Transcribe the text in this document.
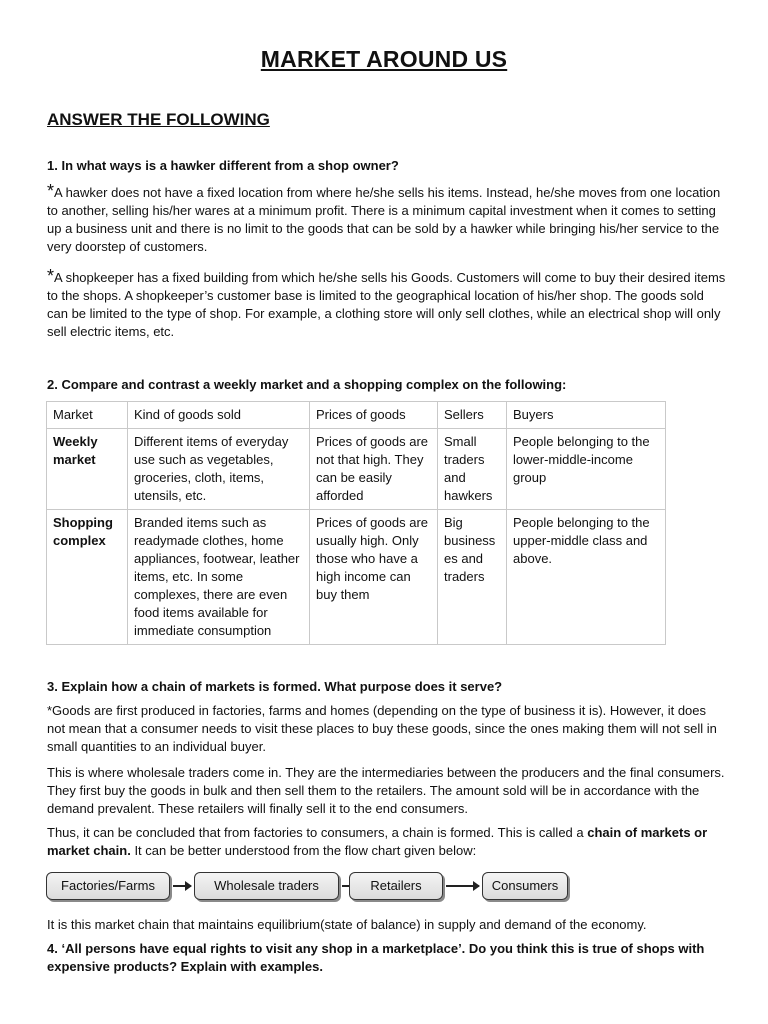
MARKET AROUND US
ANSWER THE FOLLOWING
1. In what ways is a hawker different from a shop owner?
*A hawker does not have a fixed location from where he/she sells his items. Instead, he/she moves from one location to another, selling his/her wares at a minimum profit. There is a minimum capital investment when it comes to setting up a business unit and there is no limit to the goods that can be sold by a hawker while bringing his/her service to the very doorstep of customers.
*A shopkeeper has a fixed building from which he/she sells his Goods. Customers will come to buy their desired items to the shops. A shopkeeper’s customer base is limited to the geographical location of his/her shop. The goods sold can be limited to the type of shop. For example, a clothing store will only sell clothes, while an electrical shop will only sell electric items, etc.
2. Compare and contrast a weekly market and a shopping complex on the following:
Market	Kind of goods sold	Prices of goods	Sellers	Buyers
Weekly market	Different items of everyday use such as vegetables, groceries, cloth, items, utensils, etc.	Prices of goods are not that high. They can be easily afforded	Small traders and hawkers	People belonging to the lower-middle-income group
Shopping complex	Branded items such as readymade clothes, home appliances, footwear, leather items, etc. In some complexes, there are even food items available for immediate consumption	Prices of goods are usually high. Only those who have a high income can buy them	Big business es and traders	People belonging to the upper-middle class and above.
3. Explain how a chain of markets is formed. What purpose does it serve?
*Goods are first produced in factories, farms and homes (depending on the type of business it is). However, it does not mean that a consumer needs to visit these places to buy these goods, since the ones making them will not sell in small quantities to an individual buyer.
This is where wholesale traders come in. They are the intermediaries between the producers and the final consumers. They first buy the goods in bulk and then sell them to the retailers. The amount sold will be in accordance with the demand prevalent. These retailers will finally sell it to the end consumers.
Thus, it can be concluded that from factories to consumers, a chain is formed. This is called a chain of markets or market chain. It can be better understood from the flow chart given below:
Factories/Farms	Wholesale traders	Retailers	Consumers
It is this market chain that maintains equilibrium(state of balance) in supply and demand of the economy.
4. ‘All persons have equal rights to visit any shop in a marketplace’. Do you think this is true of shops with expensive products? Explain with examples.
